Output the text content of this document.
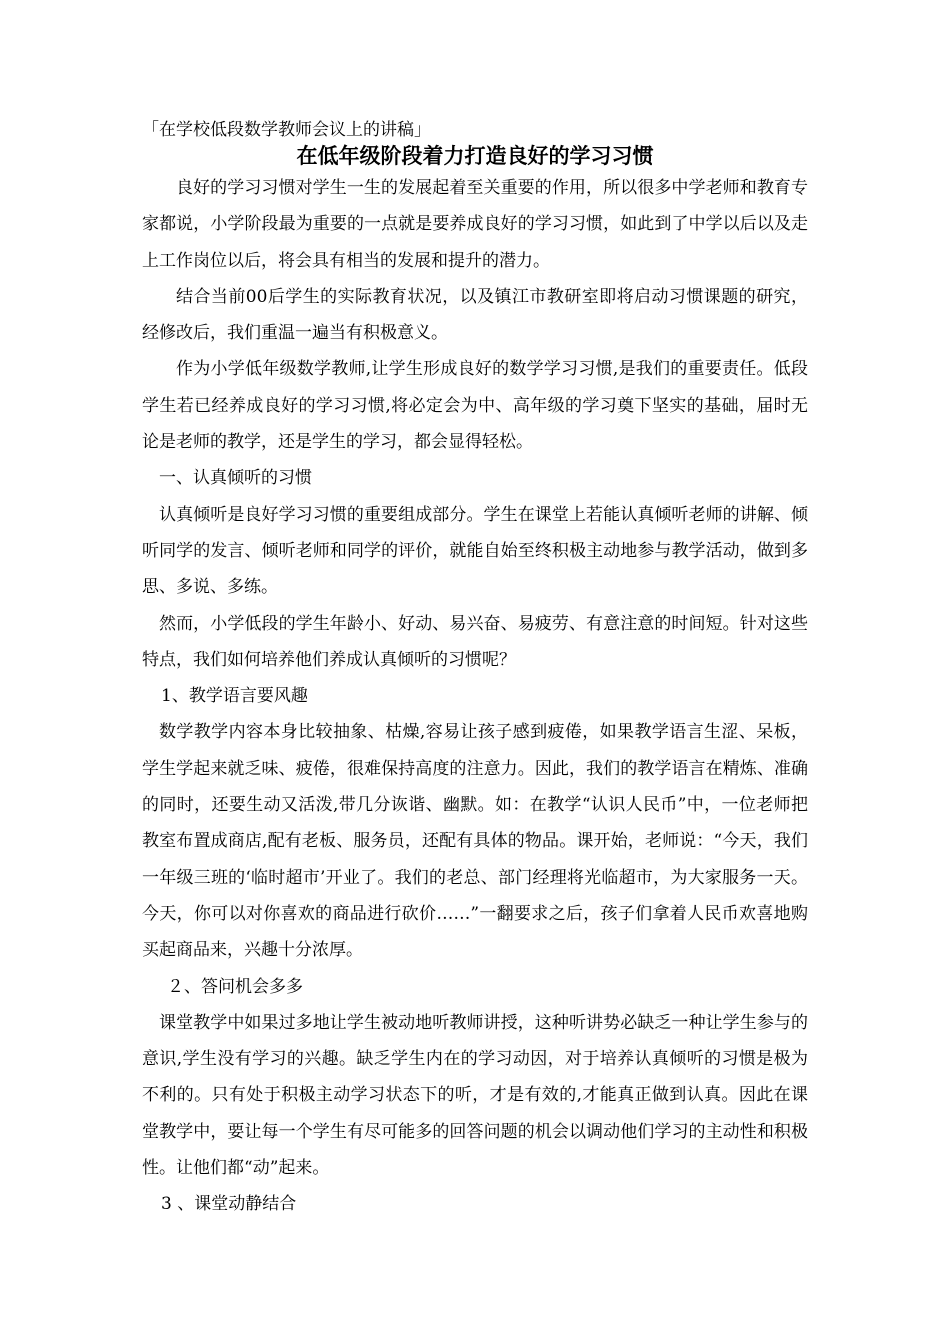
「在学校低段数学教师会议上的讲稿」

在低年级阶段着力打造良好的学习习惯

良好的学习习惯对学生一生的发展起着至关重要的作用，所以很多中学老师和教育专家都说，小学阶段最为重要的一点就是要养成良好的学习习惯，如此到了中学以后以及走上工作岗位以后，将会具有相当的发展和提升的潜力。

结合当前00后学生的实际教育状况，以及镇江市教研室即将启动习惯课题的研究，经修改后，我们重温一遍当有积极意义。

作为小学低年级数学教师,让学生形成良好的数学学习习惯,是我们的重要责任。低段学生若已经养成良好的学习习惯,将必定会为中、高年级的学习奠下坚实的基础，届时无论是老师的教学，还是学生的学习，都会显得轻松。

一、认真倾听的习惯

认真倾听是良好学习习惯的重要组成部分。学生在课堂上若能认真倾听老师的讲解、倾听同学的发言、倾听老师和同学的评价，就能自始至终积极主动地参与教学活动，做到多思、多说、多练。

然而，小学低段的学生年龄小、好动、易兴奋、易疲劳、有意注意的时间短。针对这些特点，我们如何培养他们养成认真倾听的习惯呢？

1、教学语言要风趣

数学教学内容本身比较抽象、枯燥,容易让孩子感到疲倦，如果教学语言生涩、呆板，学生学起来就乏味、疲倦，很难保持高度的注意力。因此，我们的教学语言在精炼、准确的同时，还要生动又活泼,带几分诙谐、幽默。如：在教学“认识人民币”中，一位老师把教室布置成商店,配有老板、服务员，还配有具体的物品。课开始，老师说：“今天，我们一年级三班的‘临时超市’开业了。我们的老总、部门经理将光临超市，为大家服务一天。今天，你可以对你喜欢的商品进行砍价……”一翻要求之后，孩子们拿着人民币欢喜地购买起商品来，兴趣十分浓厚。

２、答问机会多多

课堂教学中如果过多地让学生被动地听教师讲授，这种听讲势必缺乏一种让学生参与的意识,学生没有学习的兴趣。缺乏学生内在的学习动因，对于培养认真倾听的习惯是极为不利的。只有处于积极主动学习状态下的听，才是有效的,才能真正做到认真。因此在课堂教学中，要让每一个学生有尽可能多的回答问题的机会以调动他们学习的主动性和积极性。让他们都“动”起来。

3 、课堂动静结合
